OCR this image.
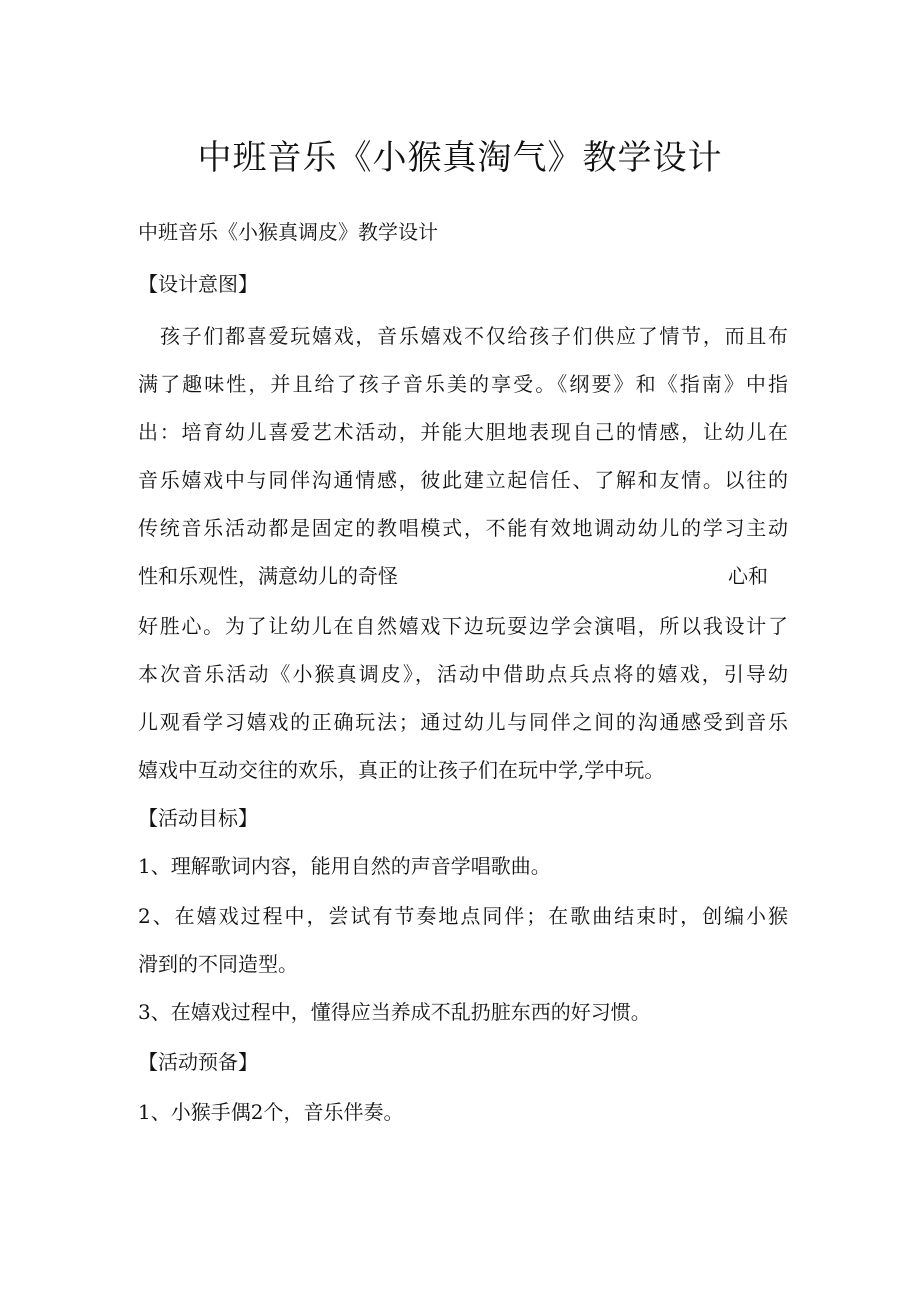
中班音乐《小猴真淘气》教学设计

中班音乐《小猴真调皮》教学设计

【设计意图】

孩子们都喜爱玩嬉戏，音乐嬉戏不仅给孩子们供应了情节，而且布

满了趣味性，并且给了孩子音乐美的享受。《纲要》和《指南》中指

出：培育幼儿喜爱艺术活动，并能大胆地表现自己的情感，让幼儿在

音乐嬉戏中与同伴沟通情感，彼此建立起信任、了解和友情。以往的

传统音乐活动都是固定的教唱模式，不能有效地调动幼儿的学习主动

性和乐观性，满意幼儿的奇怪	心和

好胜心。为了让幼儿在自然嬉戏下边玩耍边学会演唱，所以我设计了

本次音乐活动《小猴真调皮》，活动中借助点兵点将的嬉戏，引导幼

儿观看学习嬉戏的正确玩法；通过幼儿与同伴之间的沟通感受到音乐

嬉戏中互动交往的欢乐，真正的让孩子们在玩中学,学中玩。

【活动目标】

1、理解歌词内容，能用自然的声音学唱歌曲。

2、在嬉戏过程中，尝试有节奏地点同伴；在歌曲结束时，创编小猴

滑到的不同造型。

3、在嬉戏过程中，懂得应当养成不乱扔脏东西的好习惯。

【活动预备】

1、小猴手偶2个，音乐伴奏。
